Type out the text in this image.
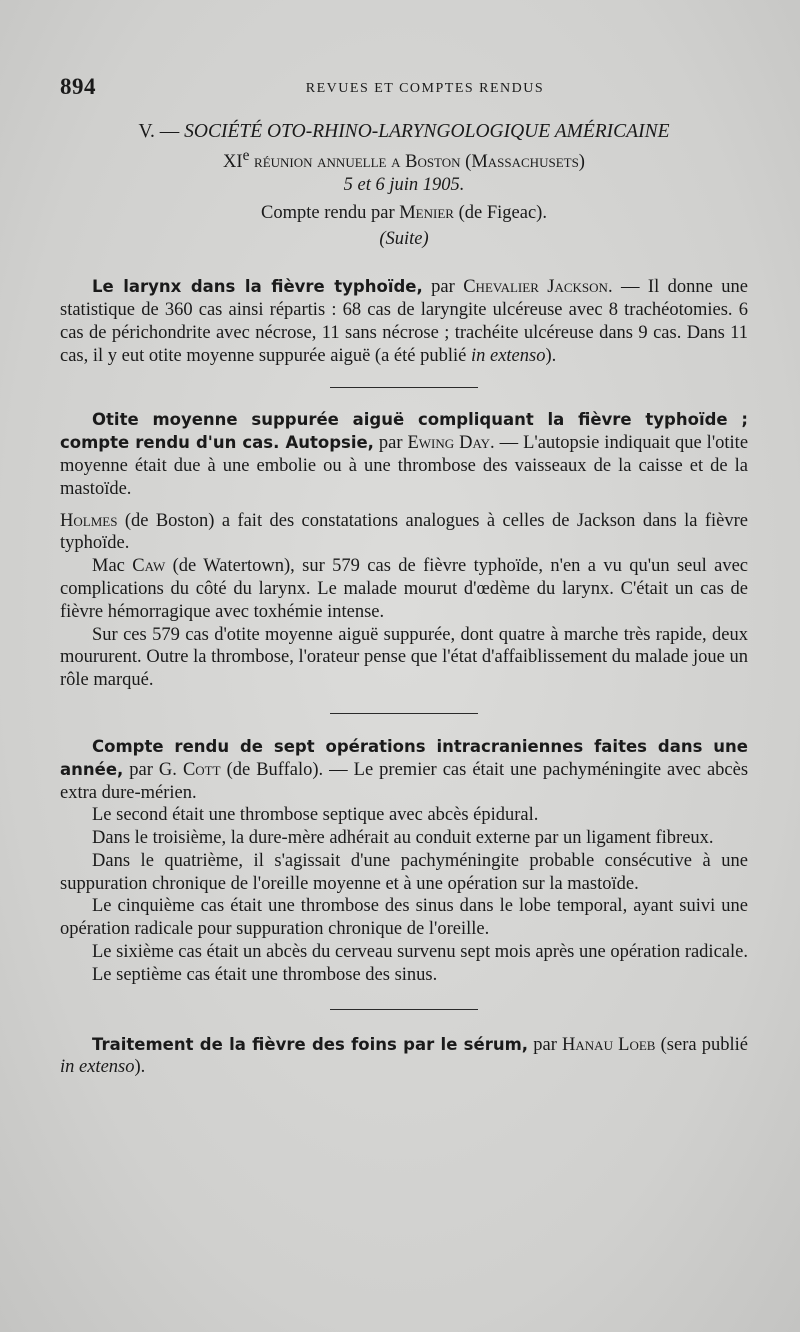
894	REVUES ET COMPTES RENDUS
V. — SOCIÉTÉ OTO-RHINO-LARYNGOLOGIQUE AMÉRICAINE
XIe réunion annuelle a Boston (Massachusets)
5 et 6 juin 1905.
Compte rendu par Menier (de Figeac).
(Suite)

Le larynx dans la fièvre typhoïde, par Chevalier Jackson. — Il donne une statistique de 360 cas ainsi répartis : 68 cas de laryngite ulcéreuse avec 8 trachéotomies. 6 cas de périchondrite avec nécrose, 11 sans nécrose ; trachéite ulcéreuse dans 9 cas. Dans 11 cas, il y eut otite moyenne suppurée aiguë (a été publié in extenso).

Otite moyenne suppurée aiguë compliquant la fièvre typhoïde ; compte rendu d'un cas. Autopsie, par Ewing Day. — L'autopsie indiquait que l'otite moyenne était due à une embolie ou à une thrombose des vaisseaux de la caisse et de la mastoïde.

Holmes (de Boston) a fait des constatations analogues à celles de Jackson dans la fièvre typhoïde.

Mac Caw (de Watertown), sur 579 cas de fièvre typhoïde, n'en a vu qu'un seul avec complications du côté du larynx. Le malade mourut d'œdème du larynx. C'était un cas de fièvre hémorragique avec toxhémie intense.

Sur ces 579 cas d'otite moyenne aiguë suppurée, dont quatre à marche très rapide, deux moururent. Outre la thrombose, l'orateur pense que l'état d'affaiblissement du malade joue un rôle marqué.

Compte rendu de sept opérations intracraniennes faites dans une année, par G. Cott (de Buffalo). — Le premier cas était une pachyméningite avec abcès extra dure-mérien.

Le second était une thrombose septique avec abcès épidural.

Dans le troisième, la dure-mère adhérait au conduit externe par un ligament fibreux.

Dans le quatrième, il s'agissait d'une pachyméningite probable consécutive à une suppuration chronique de l'oreille moyenne et à une opération sur la mastoïde.

Le cinquième cas était une thrombose des sinus dans le lobe temporal, ayant suivi une opération radicale pour suppuration chronique de l'oreille.

Le sixième cas était un abcès du cerveau survenu sept mois après une opération radicale.

Le septième cas était une thrombose des sinus.

Traitement de la fièvre des foins par le sérum, par Hanau Loeb (sera publié in extenso).
